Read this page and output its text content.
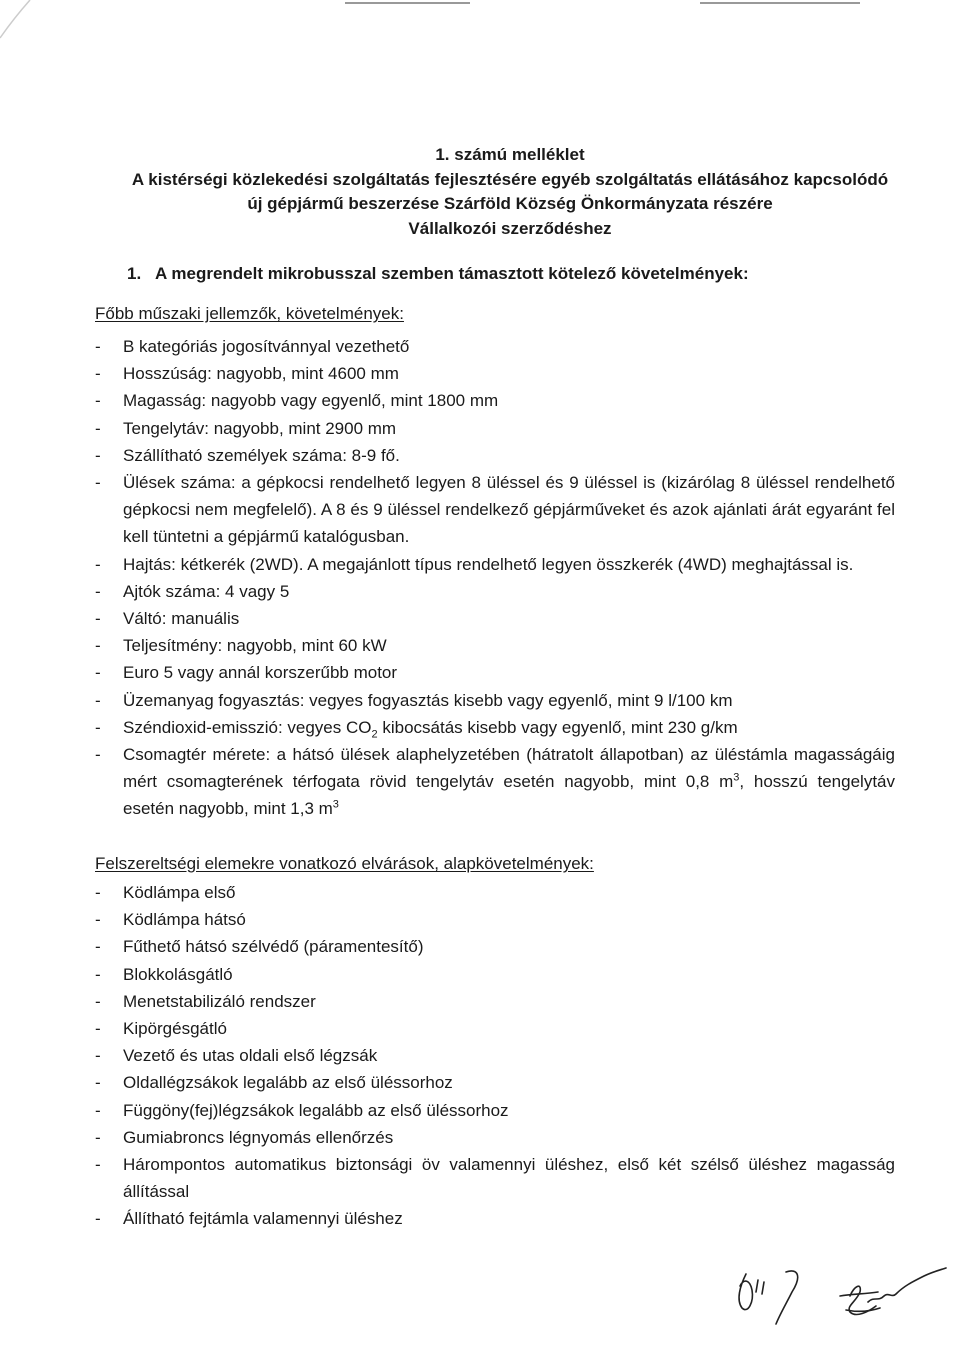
1. számú melléklet
A kistérségi közlekedési szolgáltatás fejlesztésére egyéb szolgáltatás ellátásához kapcsolódó
új gépjármű beszerzése Szárföld Község Önkormányzata részére
Vállalkozói szerződéshez
1. A megrendelt mikrobusszal szemben támasztott kötelező követelmények:
Főbb műszaki jellemzők, követelmények:
- B kategóriás jogosítvánnyal vezethető
- Hosszúság: nagyobb, mint 4600 mm
- Magasság: nagyobb vagy egyenlő, mint 1800 mm
- Tengelytáv: nagyobb, mint 2900 mm
- Szállítható személyek száma: 8-9 fő.
- Ülések száma: a gépkocsi rendelhető legyen 8 üléssel és 9 üléssel is (kizárólag 8 üléssel rendelhető gépkocsi nem megfelelő). A 8 és 9 üléssel rendelkező gépjárműveket és azok ajánlati árát egyaránt fel kell tüntetni a gépjármű katalógusban.
- Hajtás: kétkerék (2WD). A megajánlott típus rendelhető legyen összkerék (4WD) meghajtással is.
- Ajtók száma: 4 vagy 5
- Váltó: manuális
- Teljesítmény: nagyobb, mint 60 kW
- Euro 5 vagy annál korszerűbb motor
- Üzemanyag fogyasztás: vegyes fogyasztás kisebb vagy egyenlő, mint 9 l/100 km
- Széndioxid-emisszió: vegyes $CO_2$ kibocsátás kisebb vagy egyenlő, mint 230 g/km
- Csomagtér mérete: a hátsó ülések alaphelyzetében (hátratolt állapotban) az üléstámla magasságáig mért csomagterének térfogata rövid tengelytáv esetén nagyobb, mint 0,8 $m^3$, hosszú tengelytáv esetén nagyobb, mint 1,3 $m^3$
Felszereltségi elemekre vonatkozó elvárások, alapkövetelmények:
- Ködlámpa első
- Ködlámpa hátsó
- Fűthető hátsó szélvédő (páramentesítő)
- Blokkolásgátló
- Menetstabilizáló rendszer
- Kipörgésgátló
- Vezető és utas oldali első légzsák
- Oldallégzsákok legalább az első üléssorhoz
- Függöny(fej)légzsákok legalább az első üléssorhoz
- Gumiabroncs légnyomás ellenőrzés
- Hárompontos automatikus biztonsági öv valamennyi üléshez, első két szélső üléshez magasság állítással
- Állítható fejtámla valamennyi üléshez
